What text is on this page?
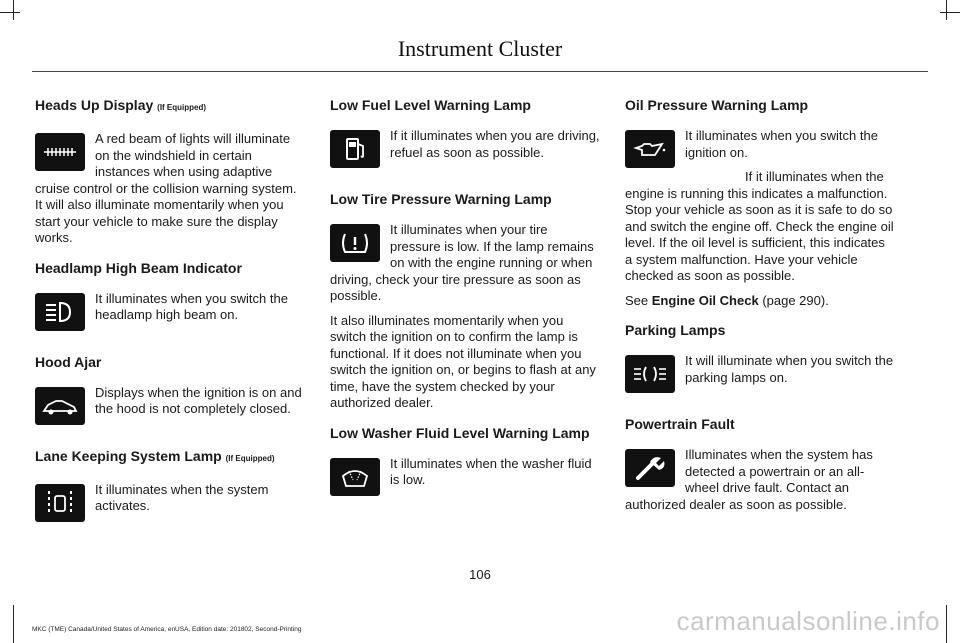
Instrument Cluster
Heads Up Display (If Equipped)
A red beam of lights will illuminate on the windshield in certain instances when using adaptive cruise control or the collision warning system. It will also illuminate momentarily when you start your vehicle to make sure the display works.
Headlamp High Beam Indicator
It illuminates when you switch the headlamp high beam on.
Hood Ajar
Displays when the ignition is on and the hood is not completely closed.
Lane Keeping System Lamp (If Equipped)
It illuminates when the system activates.
Low Fuel Level Warning Lamp
If it illuminates when you are driving, refuel as soon as possible.
Low Tire Pressure Warning Lamp
It illuminates when your tire pressure is low. If the lamp remains on with the engine running or when driving, check your tire pressure as soon as possible.
It also illuminates momentarily when you switch the ignition on to confirm the lamp is functional. If it does not illuminate when you switch the ignition on, or begins to flash at any time, have the system checked by your authorized dealer.
Low Washer Fluid Level Warning Lamp
It illuminates when the washer fluid is low.
Oil Pressure Warning Lamp
It illuminates when you switch the ignition on.
If it illuminates when the engine is running this indicates a malfunction. Stop your vehicle as soon as it is safe to do so and switch the engine off. Check the engine oil level. If the oil level is sufficient, this indicates a system malfunction. Have your vehicle checked as soon as possible.
See Engine Oil Check (page 290).
Parking Lamps
It will illuminate when you switch the parking lamps on.
Powertrain Fault
Illuminates when the system has detected a powertrain or an all-wheel drive fault. Contact an authorized dealer as soon as possible.
106
MKC (TME) Canada/United States of America, enUSA, Edition date: 201802, Second-Printing	carmanualsonline.info
